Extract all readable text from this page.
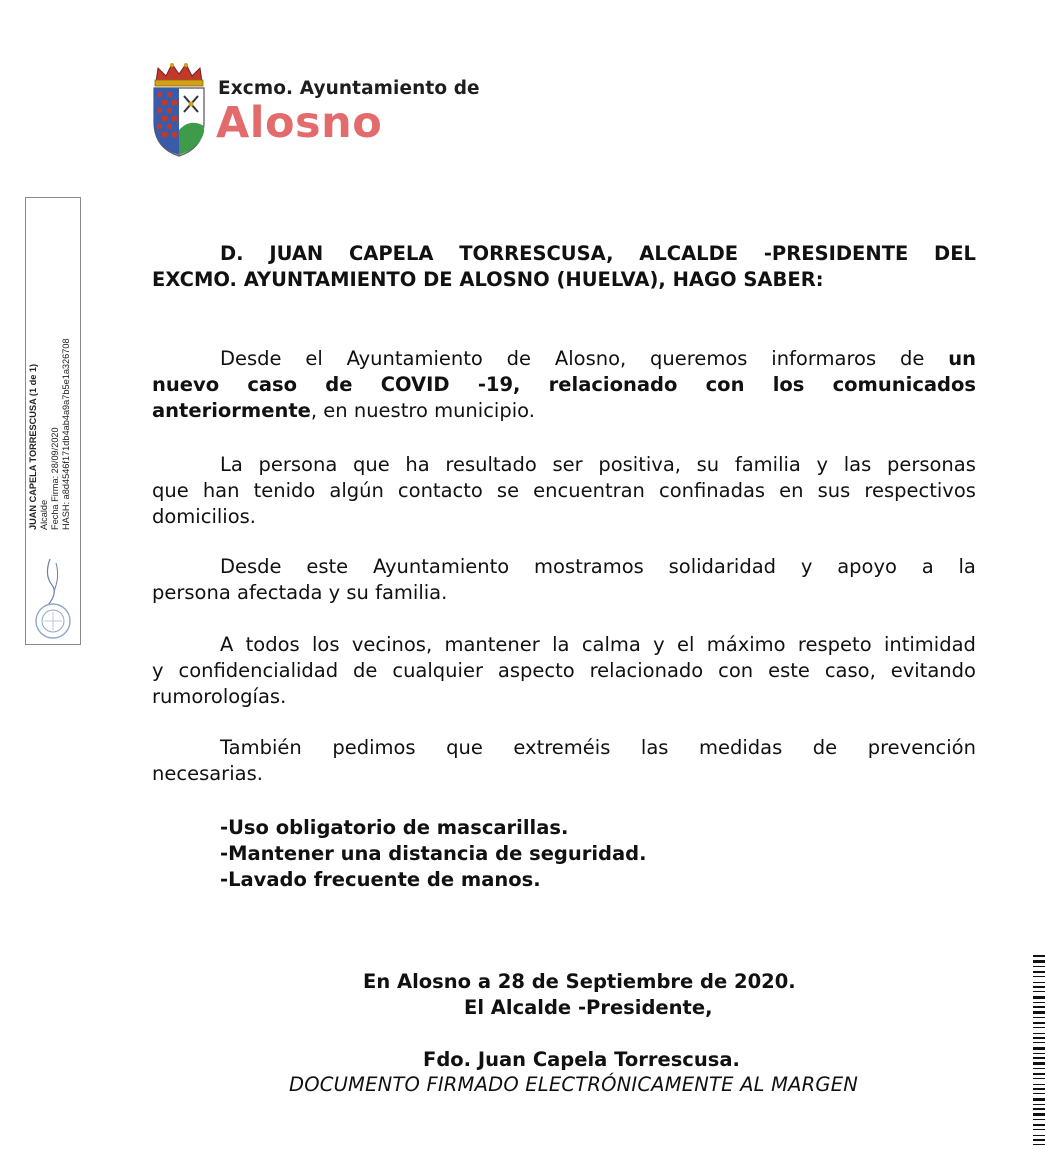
Excmo. Ayuntamiento de
Alosno
JUAN CAPELA TORRESCUSA (1 de 1) Alcalde Fecha Firma: 28/09/2020 HASH: a8d4546f171db4ab4a9a7b5e1a326708
D. JUAN CAPELA TORRESCUSA, ALCALDE -PRESIDENTE DEL
EXCMO. AYUNTAMIENTO DE ALOSNO (HUELVA), HAGO SABER:
Desde el Ayuntamiento de Alosno, queremos informaros de un
nuevo caso de COVID -19, relacionado con los comunicados
anteriormente, en nuestro municipio.
La persona que ha resultado ser positiva, su familia y las personas
que han tenido algún contacto se encuentran confinadas en sus respectivos
domicilios.
Desde este Ayuntamiento mostramos solidaridad y apoyo a la
persona afectada y su familia.
A todos los vecinos, mantener la calma y el máximo respeto intimidad
y confidencialidad de cualquier aspecto relacionado con este caso, evitando
rumorologías.
También pedimos que extreméis las medidas de prevención
necesarias.
-Uso obligatorio de mascarillas.
-Mantener una distancia de seguridad.
-Lavado frecuente de manos.
En Alosno a 28 de Septiembre de 2020.
El Alcalde -Presidente,
Fdo. Juan Capela Torrescusa.
DOCUMENTO FIRMADO ELECTRÓNICAMENTE AL MARGEN
